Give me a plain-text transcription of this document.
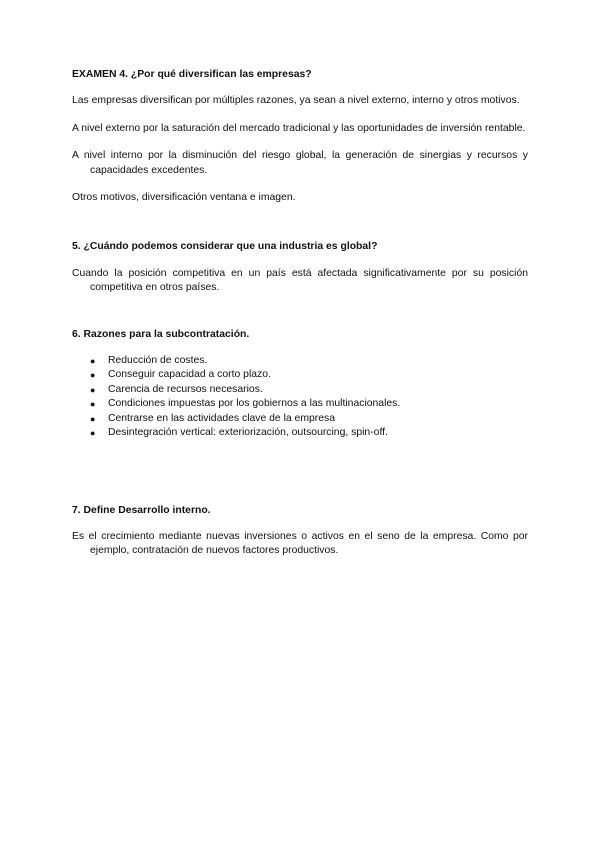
EXAMEN 4. ¿Por qué diversifican las empresas?

Las empresas diversifican por múltiples razones, ya sean a nivel externo, interno y otros motivos.

A nivel externo por la saturación del mercado tradicional y las oportunidades de inversión rentable.

A nivel interno por la disminución del riesgo global, la generación de sinergias y recursos y capacidades excedentes.

Otros motivos, diversificación ventana e imagen.

5. ¿Cuándo podemos considerar que una industria es global?

Cuando la posición competitiva en un país está afectada significativamente por su posición competitiva en otros países.

6. Razones para la subcontratación.

● Reducción de costes.
● Conseguir capacidad a corto plazo.
● Carencia de recursos necesarios.
● Condiciones impuestas por los gobiernos a las multinacionales.
● Centrarse en las actividades clave de la empresa
● Desintegración vertical: exteriorización, outsourcing, spin-off.

7. Define Desarrollo interno.

Es el crecimiento mediante nuevas inversiones o activos en el seno de la empresa. Como por ejemplo, contratación de nuevos factores productivos.
